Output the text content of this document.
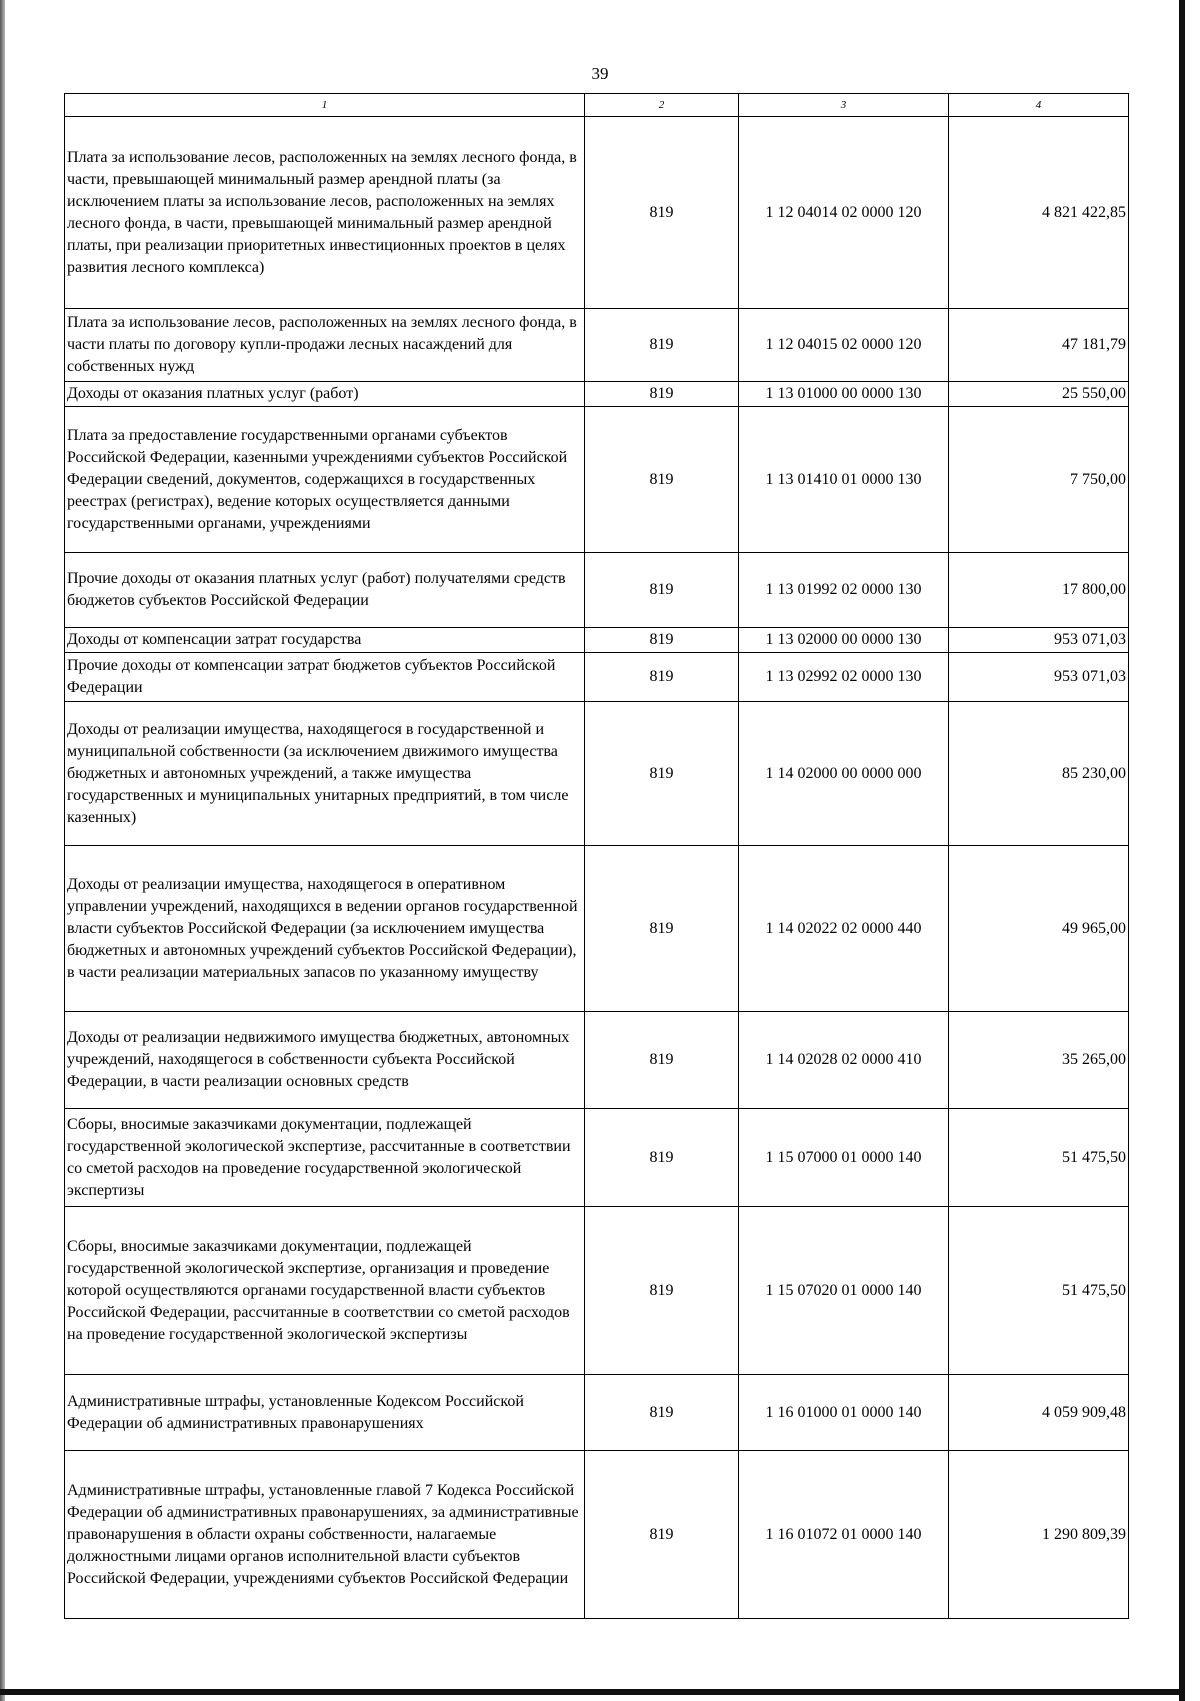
39
1	2	3	4
Плата за использование лесов, расположенных на землях лесного фонда, в части, превышающей минимальный размер арендной платы (за исключением платы за использование лесов, расположенных на землях лесного фонда, в части, превышающей минимальный размер арендной платы, при реализации приоритетных инвестиционных проектов в целях развития лесного комплекса)	819	1 12 04014 02 0000 120	4 821 422,85
Плата за использование лесов, расположенных на землях лесного фонда, в части платы по договору купли-продажи лесных насаждений для собственных нужд	819	1 12 04015 02 0000 120	47 181,79
Доходы от оказания платных услуг (работ)	819	1 13 01000 00 0000 130	25 550,00
Плата за предоставление государственными органами субъектов Российской Федерации, казенными учреждениями субъектов Российской Федерации сведений, документов, содержащихся в государственных реестрах (регистрах), ведение которых осуществляется данными государственными органами, учреждениями	819	1 13 01410 01 0000 130	7 750,00
Прочие доходы от оказания платных услуг (работ) получателями средств бюджетов субъектов Российской Федерации	819	1 13 01992 02 0000 130	17 800,00
Доходы от компенсации затрат государства	819	1 13 02000 00 0000 130	953 071,03
Прочие доходы от компенсации затрат бюджетов субъектов Российской Федерации	819	1 13 02992 02 0000 130	953 071,03
Доходы от реализации имущества, находящегося в государственной и муниципальной собственности (за исключением движимого имущества бюджетных и автономных учреждений, а также имущества государственных и муниципальных унитарных предприятий, в том числе казенных)	819	1 14 02000 00 0000 000	85 230,00
Доходы от реализации имущества, находящегося в оперативном управлении учреждений, находящихся в ведении органов государственной власти субъектов Российской Федерации (за исключением имущества бюджетных и автономных учреждений субъектов Российской Федерации), в части реализации материальных запасов по указанному имуществу	819	1 14 02022 02 0000 440	49 965,00
Доходы от реализации недвижимого имущества бюджетных, автономных учреждений, находящегося в собственности субъекта Российской Федерации, в части реализации основных средств	819	1 14 02028 02 0000 410	35 265,00
Сборы, вносимые заказчиками документации, подлежащей государственной экологической экспертизе, рассчитанные в соответствии со сметой расходов на проведение государственной экологической экспертизы	819	1 15 07000 01 0000 140	51 475,50
Сборы, вносимые заказчиками документации, подлежащей государственной экологической экспертизе, организация и проведение которой осуществляются органами государственной власти субъектов Российской Федерации, рассчитанные в соответствии со сметой расходов на проведение государственной экологической экспертизы	819	1 15 07020 01 0000 140	51 475,50
Административные штрафы, установленные Кодексом Российской Федерации об административных правонарушениях	819	1 16 01000 01 0000 140	4 059 909,48
Административные штрафы, установленные главой 7 Кодекса Российской Федерации об административных правонарушениях, за административные правонарушения в области охраны собственности, налагаемые должностными лицами органов исполнительной власти субъектов Российской Федерации, учреждениями субъектов Российской Федерации	819	1 16 01072 01 0000 140	1 290 809,39
